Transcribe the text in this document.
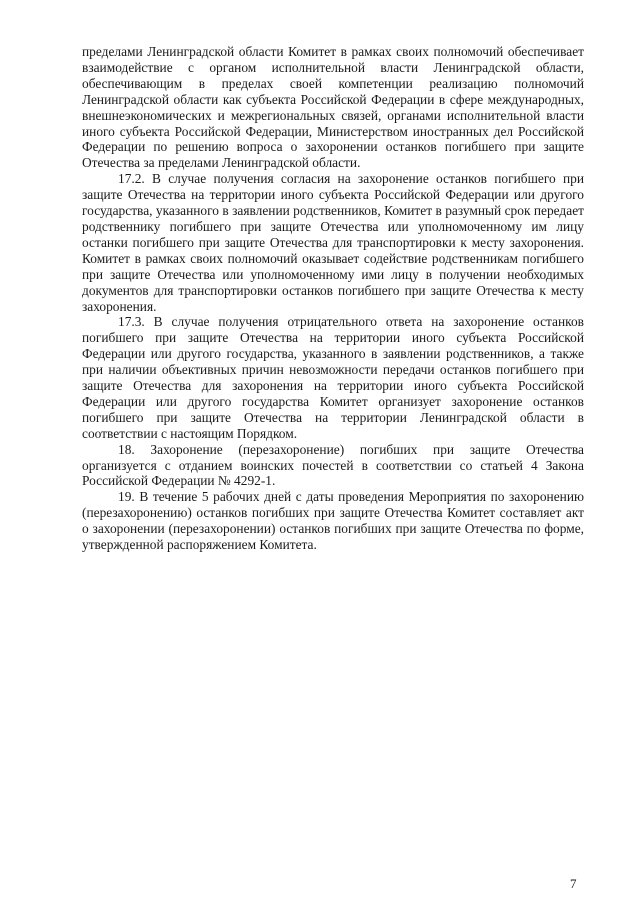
пределами Ленинградской области Комитет в рамках своих полномочий обеспечивает взаимодействие с органом исполнительной власти Ленинградской области, обеспечивающим в пределах своей компетенции реализацию полномочий Ленинградской области как субъекта Российской Федерации в сфере международных, внешнеэкономических и межрегиональных связей, органами исполнительной власти иного субъекта Российской Федерации, Министерством иностранных дел Российской Федерации по решению вопроса о захоронении останков погибшего при защите Отечества за пределами Ленинградской области.

17.2. В случае получения согласия на захоронение останков погибшего при защите Отечества на территории иного субъекта Российской Федерации или другого государства, указанного в заявлении родственников, Комитет в разумный срок передает родственнику погибшего при защите Отечества или уполномоченному им лицу останки погибшего при защите Отечества для транспортировки к месту захоронения. Комитет в рамках своих полномочий оказывает содействие родственникам погибшего при защите Отечества или уполномоченному ими лицу в получении необходимых документов для транспортировки останков погибшего при защите Отечества к месту захоронения.

17.3. В случае получения отрицательного ответа на захоронение останков погибшего при защите Отечества на территории иного субъекта Российской Федерации или другого государства, указанного в заявлении родственников, а также при наличии объективных причин невозможности передачи останков погибшего при защите Отечества для захоронения на территории иного субъекта Российской Федерации или другого государства Комитет организует захоронение останков погибшего при защите Отечества на территории Ленинградской области в соответствии с настоящим Порядком.

18. Захоронение (перезахоронение) погибших при защите Отечества организуется с отданием воинских почестей в соответствии со статьей 4 Закона Российской Федерации № 4292-1.

19. В течение 5 рабочих дней с даты проведения Мероприятия по захоронению (перезахоронению) останков погибших при защите Отечества Комитет составляет акт о захоронении (перезахоронении) останков погибших при защите Отечества по форме, утвержденной распоряжением Комитета.

7
